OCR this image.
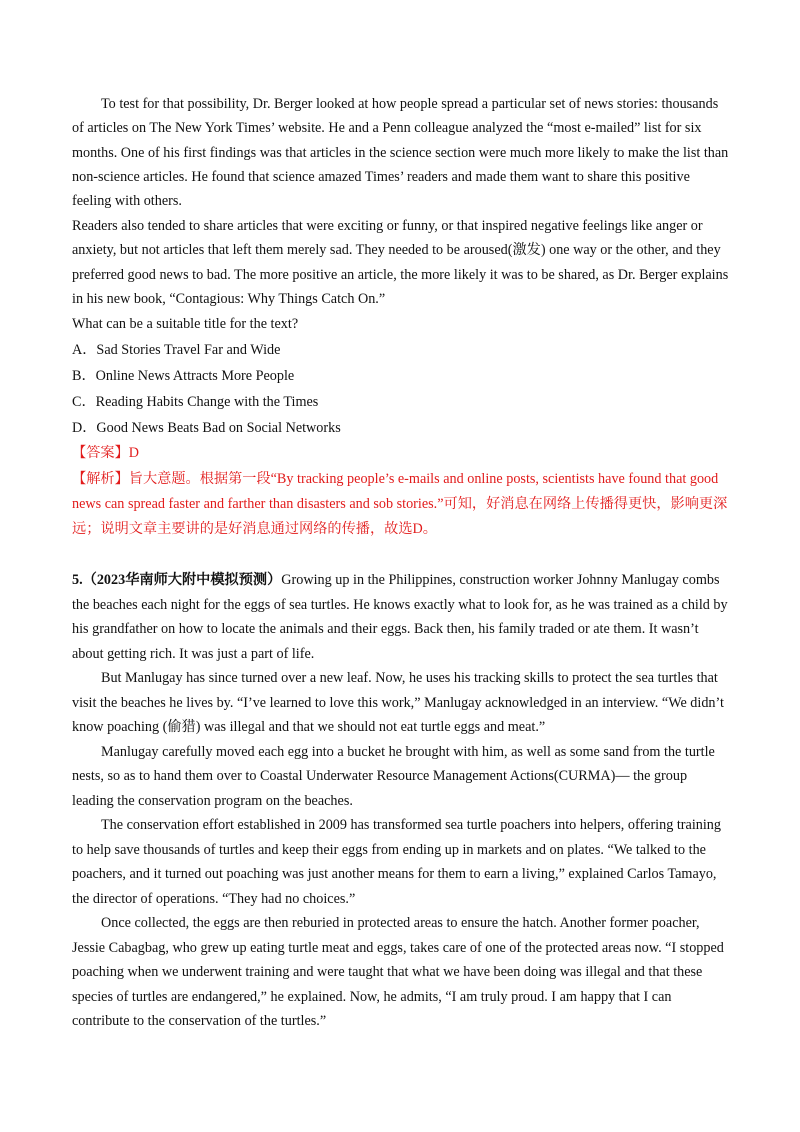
To test for that possibility, Dr. Berger looked at how people spread a particular set of news stories: thousands
of articles on The New York Times’ website. He and a Penn colleague analyzed the “most e-mailed” list for six
months. One of his first findings was that articles in the science section were much more likely to make the list than
non-science articles. He found that science amazed Times’ readers and made them want to share this positive
feeling with others.
Readers also tended to share articles that were exciting or funny, or that inspired negative feelings like anger or
anxiety, but not articles that left them merely sad. They needed to be aroused(激发) one way or the other, and they
preferred good news to bad. The more positive an article, the more likely it was to be shared, as Dr. Berger explains
in his new book, “Contagious: Why Things Catch On.”
What can be a suitable title for the text?
A．Sad Stories Travel Far and Wide
B．Online News Attracts More People
C．Reading Habits Change with the Times
D．Good News Beats Bad on Social Networks
【答案】D
【解析】旨大意题。根据第一段“By tracking people’s e-mails and online posts, scientists have found that good
news can spread faster and farther than disasters and sob stories.”可知，好消息在网络上传播得更快，影响更深
远；说明文章主要讲的是好消息通过网络的传播，故选D。
5.（2023华南师大附中模拟预测）Growing up in the Philippines, construction worker Johnny Manlugay combs
the beaches each night for the eggs of sea turtles. He knows exactly what to look for, as he was trained as a child by
his grandfather on how to locate the animals and their eggs. Back then, his family traded or ate them. It wasn’t
about getting rich. It was just a part of life.
But Manlugay has since turned over a new leaf. Now, he uses his tracking skills to protect the sea turtles that
visit the beaches he lives by. “I’ve learned to love this work,” Manlugay acknowledged in an interview. “We didn’t
know poaching (偷猎) was illegal and that we should not eat turtle eggs and meat.”
Manlugay carefully moved each egg into a bucket he brought with him, as well as some sand from the turtle
nests, so as to hand them over to Coastal Underwater Resource Management Actions(CURMA)— the group
leading the conservation program on the beaches.
The conservation effort established in 2009 has transformed sea turtle poachers into helpers, offering training
to help save thousands of turtles and keep their eggs from ending up in markets and on plates. “We talked to the
poachers, and it turned out poaching was just another means for them to earn a living,” explained Carlos Tamayo,
the director of operations. “They had no choices.”
Once collected, the eggs are then reburied in protected areas to ensure the hatch. Another former poacher,
Jessie Cabagbag, who grew up eating turtle meat and eggs, takes care of one of the protected areas now. “I stopped
poaching when we underwent training and were taught that what we have been doing was illegal and that these
species of turtles are endangered,” he explained. Now, he admits, “I am truly proud. I am happy that I can
contribute to the conservation of the turtles.”
